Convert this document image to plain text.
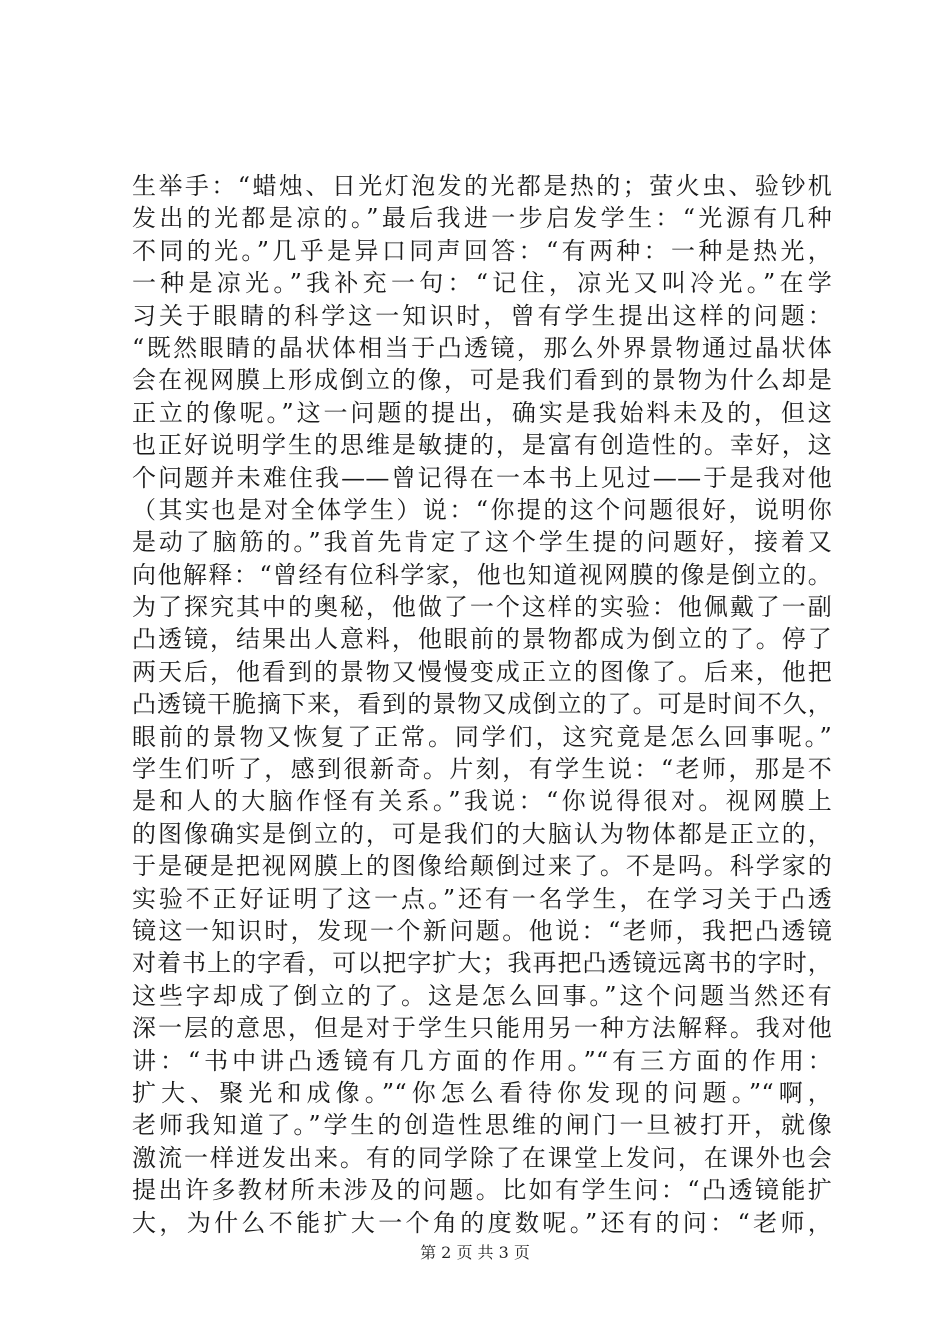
生举手：“蜡烛、日光灯泡发的光都是热的；萤火虫、验钞机
发出的光都是凉的。”最后我进一步启发学生：“光源有几种
不同的光。”几乎是异口同声回答：“有两种：一种是热光，
一种是凉光。”我补充一句：“记住，凉光又叫冷光。”在学
习关于眼睛的科学这一知识时，曾有学生提出这样的问题：
“既然眼睛的晶状体相当于凸透镜，那么外界景物通过晶状体
会在视网膜上形成倒立的像，可是我们看到的景物为什么却是
正立的像呢。”这一问题的提出，确实是我始料未及的，但这
也正好说明学生的思维是敏捷的，是富有创造性的。幸好，这
个问题并未难住我——曾记得在一本书上见过——于是我对他
（其实也是对全体学生）说：“你提的这个问题很好，说明你
是动了脑筋的。”我首先肯定了这个学生提的问题好，接着又
向他解释：“曾经有位科学家，他也知道视网膜的像是倒立的。
为了探究其中的奥秘，他做了一个这样的实验：他佩戴了一副
凸透镜，结果出人意料，他眼前的景物都成为倒立的了。停了
两天后，他看到的景物又慢慢变成正立的图像了。后来，他把
凸透镜干脆摘下来，看到的景物又成倒立的了。可是时间不久，
眼前的景物又恢复了正常。同学们，这究竟是怎么回事呢。”
学生们听了，感到很新奇。片刻，有学生说：“老师，那是不
是和人的大脑作怪有关系。”我说：“你说得很对。视网膜上
的图像确实是倒立的，可是我们的大脑认为物体都是正立的，
于是硬是把视网膜上的图像给颠倒过来了。不是吗。科学家的
实验不正好证明了这一点。”还有一名学生，在学习关于凸透
镜这一知识时，发现一个新问题。他说：“老师，我把凸透镜
对着书上的字看，可以把字扩大；我再把凸透镜远离书的字时，
这些字却成了倒立的了。这是怎么回事。”这个问题当然还有
深一层的意思，但是对于学生只能用另一种方法解释。我对他
讲：“书中讲凸透镜有几方面的作用。”“有三方面的作用：
扩大、聚光和成像。”“你怎么看待你发现的问题。”“啊，
老师我知道了。”学生的创造性思维的闸门一旦被打开，就像
激流一样迸发出来。有的同学除了在课堂上发问，在课外也会
提出许多教材所未涉及的问题。比如有学生问：“凸透镜能扩
大，为什么不能扩大一个角的度数呢。”还有的问：“老师，
第 2 页 共 3 页
